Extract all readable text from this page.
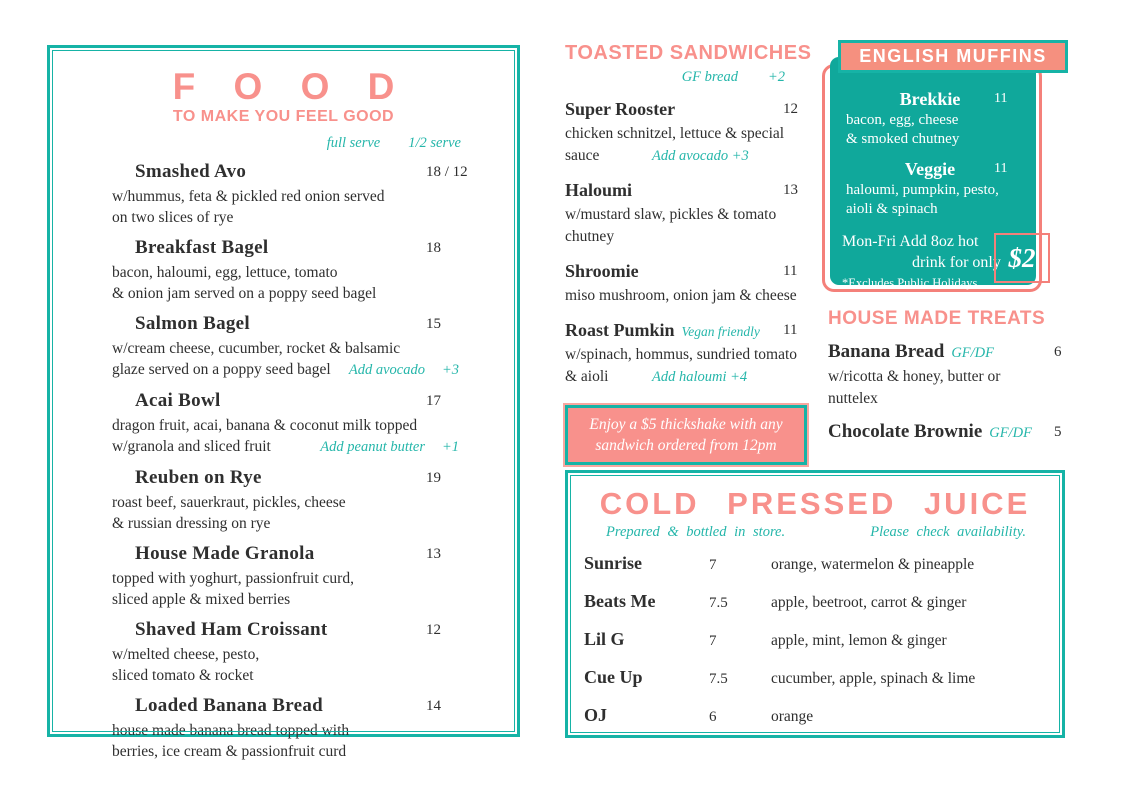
F O O D
TO MAKE YOU FEEL GOOD
full serve 1/2 serve
Smashed Avo	18 / 12
w/hummus, feta & pickled red onion served
on two slices of rye
Breakfast Bagel	18
bacon, haloumi, egg, lettuce, tomato
& onion jam served on a poppy seed bagel
Salmon Bagel	15
w/cream cheese, cucumber, rocket & balsamic
glaze served on a poppy seed bagel Add avocado	+3
Acai Bowl	17
dragon fruit, acai, banana & coconut milk topped
w/granola and sliced fruit	Add peanut butter	+1
Reuben on Rye	19
roast beef, sauerkraut, pickles, cheese
& russian dressing on rye
House Made Granola	13
topped with yoghurt, passionfruit curd,
sliced apple & mixed berries
Shaved Ham Croissant	12
w/melted cheese, pesto,
sliced tomato & rocket
Loaded Banana Bread	14
house made banana bread topped with
berries, ice cream & passionfruit curd
TOASTED SANDWICHES
GF bread +2
Super Rooster	12
chicken schnitzel, lettuce & special
sauce	Add avocado +3
Haloumi	13
w/mustard slaw, pickles & tomato
chutney
Shroomie	11
miso mushroom, onion jam & cheese
Roast Pumkin Vegan friendly 11
w/spinach, hommus, sundried tomato
& aioli	Add haloumi +4
Enjoy a $5 thickshake with any
sandwich ordered from 12pm
Brekkie 11
bacon, egg, cheese
& smoked chutney
Veggie	11
haloumi, pumpkin, pesto,
aioli & spinach
Mon-Fri Add 8oz hot
drink for only
*Excludes Public Holidays
$2
ENGLISH MUFFINS
HOUSE MADE TREATS
Banana Bread GF/DF	6
w/ricotta & honey, butter or
nuttelex
Chocolate Brownie GF/DF 5
COLD PRESSED JUICE
Prepared & bottled in store.	Please check availability.
Sunrise	7	orange, watermelon & pineapple
Beats Me	7.5	apple, beetroot, carrot & ginger
Lil G	7	apple, mint, lemon & ginger
Cue Up	7.5	cucumber, apple, spinach & lime
OJ	6	orange
